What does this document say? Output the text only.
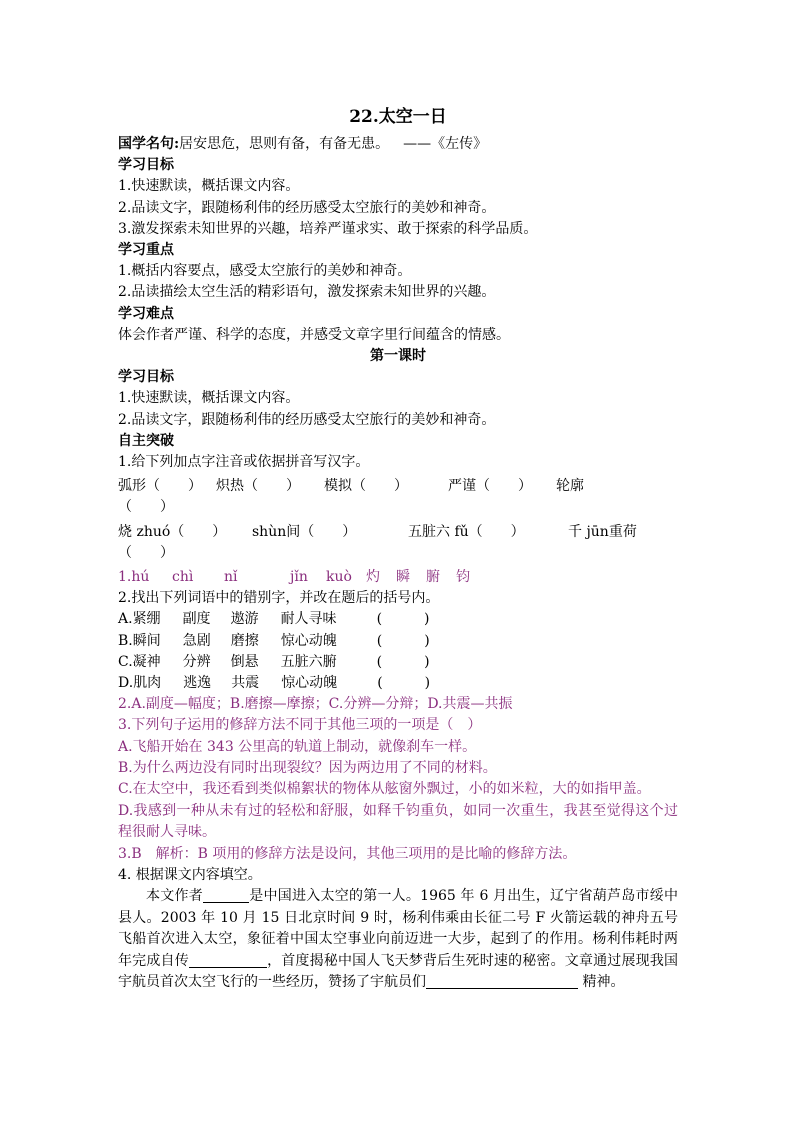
22.太空一日
国学名句:居安思危，思则有备，有备无患。 ——《左传》
学习目标
1.快速默读，概括课文内容。
2.品读文字，跟随杨利伟的经历感受太空旅行的美妙和神奇。
3.激发探索未知世界的兴趣，培养严谨求实、敢于探索的科学品质。
学习重点
1.概括内容要点，感受太空旅行的美妙和神奇。
2.品读描绘太空生活的精彩语句，激发探索未知世界的兴趣。
学习难点
体会作者严谨、科学的态度，并感受文章字里行间蕴含的情感。
第一课时
学习目标
1.快速默读，概括课文内容。
2.品读文字，跟随杨利伟的经历感受太空旅行的美妙和神奇。
自主突破
1.给下列加点字注音或依据拼音写汉字。
弧形（　　）	炽热（　　）	模拟（　　）	严谨（　　）	轮廓
（　　）
烧 zhuó（　　）	shùn间（　　）	五脏六 fǔ（　　）	千 jūn重荷
（　　）
1.hú	chì	nǐ	jǐn	kuò	灼	瞬	腑	钧
2.找出下列词语中的错别字，并改在题后的括号内。
A. 紧绷	副度	遨游	耐人寻味	(　　　)
B. 瞬间	急剧	磨擦	惊心动魄	(　　　)
C. 凝神	分辨	倒悬	五脏六腑	(　　　)
D. 肌肉	逃逸	共震	惊心动魄	(　　　)
2.A.副度—幅度；B.磨擦—摩擦；C.分辨—分辩；D.共震—共振
3.下列句子运用的修辞方法不同于其他三项的一项是（　）
A.飞船开始在 343 公里高的轨道上制动，就像刹车一样。
B.为什么两边没有同时出现裂纹？因为两边用了不同的材料。
C.在太空中，我还看到类似棉絮状的物体从舷窗外飘过，小的如米粒，大的如指甲盖。
D.我感到一种从未有过的轻松和舒服，如释千钧重负，如同一次重生，我甚至觉得这个过程很耐人寻味。
3.B　解析：B 项用的修辞方法是设问，其他三项用的是比喻的修辞方法。
4. 根据课文内容填空。
本文作者	是中国进入太空的第一人。1965 年 6 月出生，辽宁省葫芦岛市绥中县人。2003 年 10 月 15 日北京时间 9 时，杨利伟乘由长征二号 F 火箭运载的神舟五号飞船首次进入太空，象征着中国太空事业向前迈进一大步，起到了的作用。杨利伟耗时两年完成自传	，首度揭秘中国人飞天梦背后生死时速的秘密。文章通过展现我国宇航员首次太空飞行的一些经历，赞扬了宇航员们	精神。
